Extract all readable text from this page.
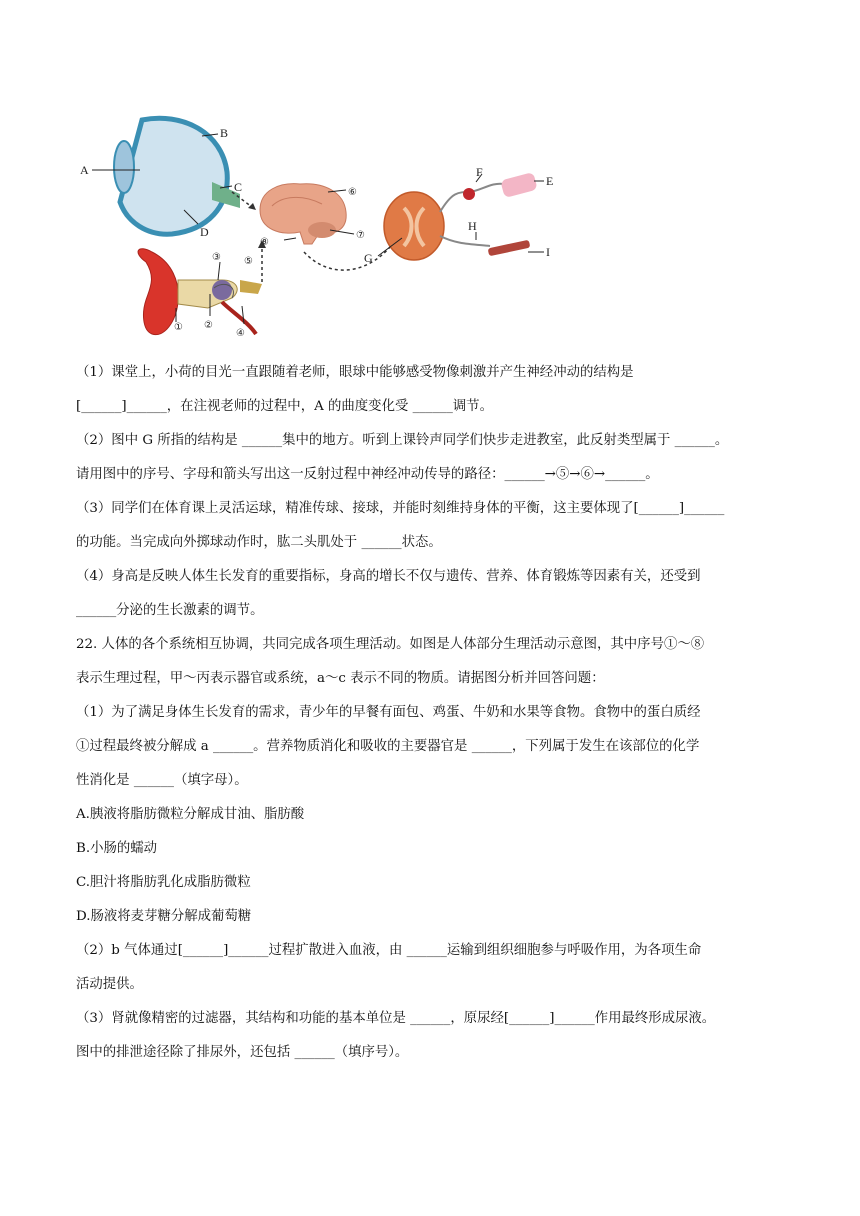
A
B
C
D
E
F
G
H
I
① ②
③
④
⑤
⑥
⑦
⑧

（1）课堂上，小荷的目光一直跟随着老师，眼球中能够感受物像刺激并产生神经冲动的结构是

[______]______，在注视老师的过程中，A 的曲度变化受 ______调节。

（2）图中 G 所指的结构是 ______集中的地方。听到上课铃声同学们快步走进教室，此反射类型属于 ______。

请用图中的序号、字母和箭头写出这一反射过程中神经冲动传导的路径：______→⑤→⑥→______。

（3）同学们在体育课上灵活运球，精准传球、接球，并能时刻维持身体的平衡，这主要体现了[______]______

的功能。当完成向外掷球动作时，肱二头肌处于 ______状态。

（4）身高是反映人体生长发育的重要指标，身高的增长不仅与遗传、营养、体育锻炼等因素有关，还受到

______分泌的生长激素的调节。

22. 人体的各个系统相互协调，共同完成各项生理活动。如图是人体部分生理活动示意图，其中序号①～⑧

表示生理过程，甲～丙表示器官或系统，a～c 表示不同的物质。请据图分析并回答问题：

（1）为了满足身体生长发育的需求，青少年的早餐有面包、鸡蛋、牛奶和水果等食物。食物中的蛋白质经

①过程最终被分解成 a ______。营养物质消化和吸收的主要器官是 ______，下列属于发生在该部位的化学

性消化是 ______（填字母）。

A.胰液将脂肪微粒分解成甘油、脂肪酸

B.小肠的蠕动

C.胆汁将脂肪乳化成脂肪微粒

D.肠液将麦芽糖分解成葡萄糖

（2）b 气体通过[______]______过程扩散进入血液，由 ______运输到组织细胞参与呼吸作用，为各项生命

活动提供。

（3）肾就像精密的过滤器，其结构和功能的基本单位是 ______，原尿经[______]______作用最终形成尿液。

图中的排泄途径除了排尿外，还包括 ______（填序号）。
